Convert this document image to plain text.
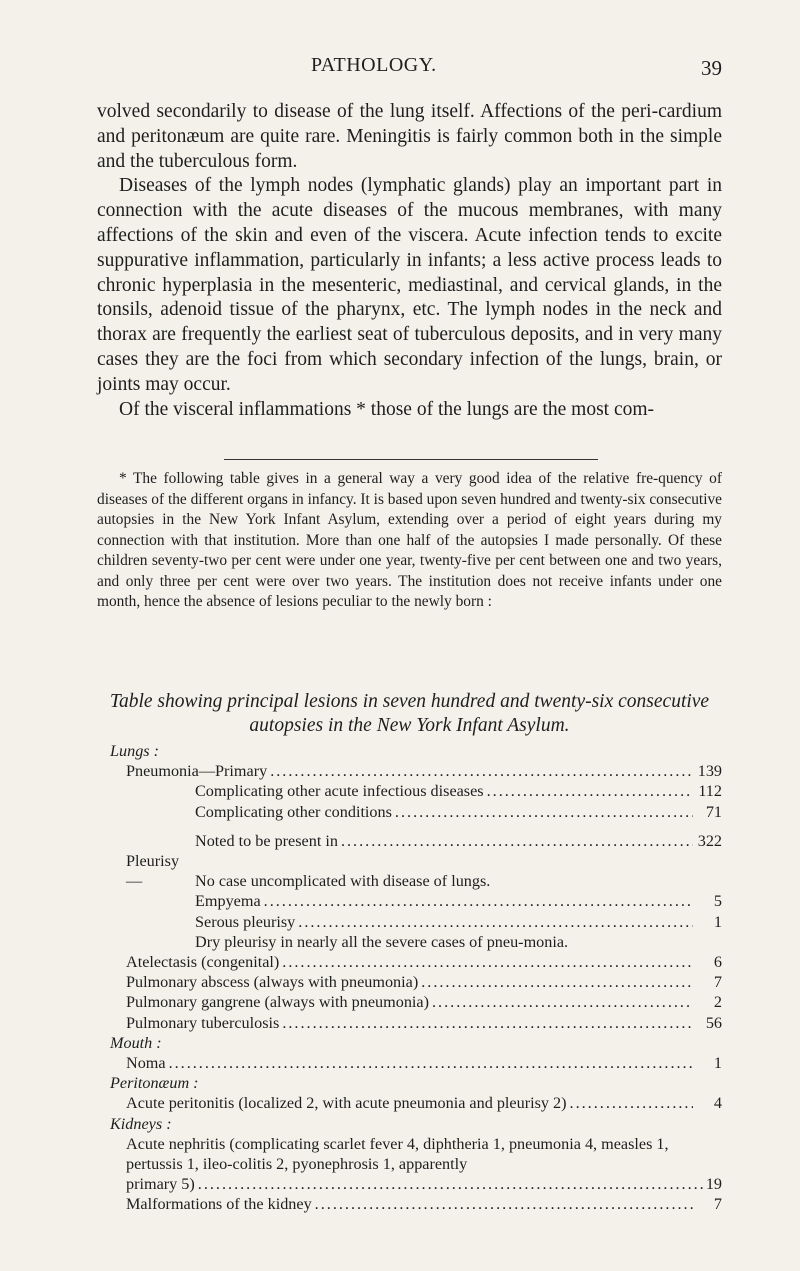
PATHOLOGY.	39

volved secondarily to disease of the lung itself. Affections of the peri-cardium and peritonæum are quite rare. Meningitis is fairly common both in the simple and the tuberculous form.

Diseases of the lymph nodes (lymphatic glands) play an important part in connection with the acute diseases of the mucous membranes, with many affections of the skin and even of the viscera. Acute infection tends to excite suppurative inflammation, particularly in infants; a less active process leads to chronic hyperplasia in the mesenteric, mediastinal, and cervical glands, in the tonsils, adenoid tissue of the pharynx, etc. The lymph nodes in the neck and thorax are frequently the earliest seat of tuberculous deposits, and in very many cases they are the foci from which secondary infection of the lungs, brain, or joints may occur.

Of the visceral inflammations * those of the lungs are the most com-

* The following table gives in a general way a very good idea of the relative fre-quency of diseases of the different organs in infancy. It is based upon seven hundred and twenty-six consecutive autopsies in the New York Infant Asylum, extending over a period of eight years during my connection with that institution. More than one half of the autopsies I made personally. Of these children seventy-two per cent were under one year, twenty-five per cent between one and two years, and only three per cent were over two years. The institution does not receive infants under one month, hence the absence of lesions peculiar to the newly born :

Table showing principal lesions in seven hundred and twenty-six consecutive autopsies in the New York Infant Asylum.

Lungs :

Pneumonia—Primary .....	139
Complicating other acute infectious diseases .....	112
Complicating other conditions .....	71
Noted to be present in .....	322

Pleurisy—	No case uncomplicated with disease of lungs.

Empyema .....	5
Serous pleurisy .....	1

Dry pleurisy in nearly all the severe cases of pneu-monia.

Atelectasis (congenital) .....	6
Pulmonary abscess (always with pneumonia) .....	7
Pulmonary gangrene (always with pneumonia) .....	2
Pulmonary tuberculosis .....	56

Mouth :

Noma .....	1

Peritonæum :

Acute peritonitis (localized 2, with acute pneumonia and pleurisy 2) .....	4

Kidneys :

Acute nephritis (complicating scarlet fever 4, diphtheria 1, pneumonia 4, measles 1, pertussis 1, ileo-colitis 2, pyonephrosis 1, apparently
primary 5) .....	19
Malformations of the kidney .....	7
